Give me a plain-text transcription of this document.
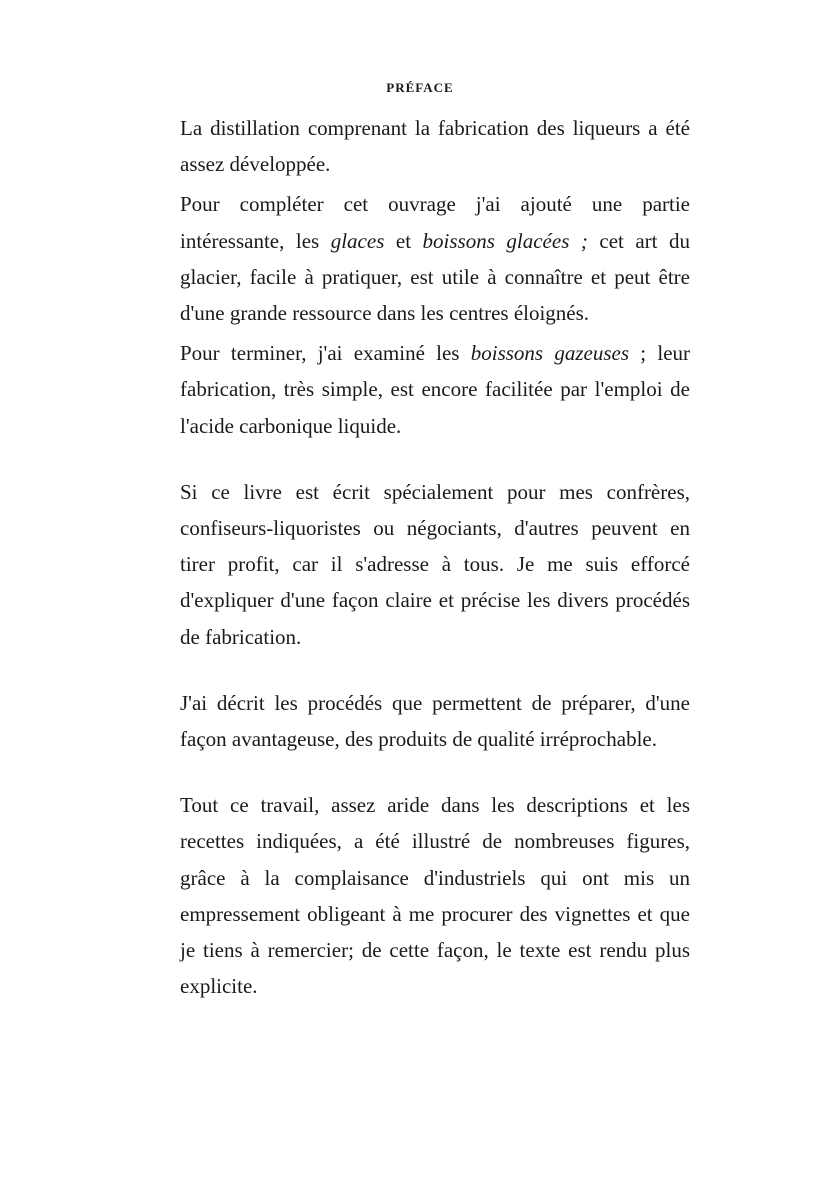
PRÉFACE

La distillation comprenant la fabrication des liqueurs a été assez développée.

Pour compléter cet ouvrage j'ai ajouté une partie intéressante, les glaces et boissons glacées ; cet art du glacier, facile à pratiquer, est utile à connaître et peut être d'une grande ressource dans les centres éloignés.

Pour terminer, j'ai examiné les boissons gazeuses ; leur fabrication, très simple, est encore facilitée par l'emploi de l'acide carbonique liquide.

Si ce livre est écrit spécialement pour mes confrères, confiseurs-liquoristes ou négociants, d'autres peuvent en tirer profit, car il s'adresse à tous. Je me suis efforcé d'expliquer d'une façon claire et précise les divers procédés de fabrication.

J'ai décrit les procédés que permettent de préparer, d'une façon avantageuse, des produits de qualité irréprochable.

Tout ce travail, assez aride dans les descriptions et les recettes indiquées, a été illustré de nombreuses figures, grâce à la complaisance d'industriels qui ont mis un empressement obligeant à me procurer des vignettes et que je tiens à remercier; de cette façon, le texte est rendu plus explicite.
